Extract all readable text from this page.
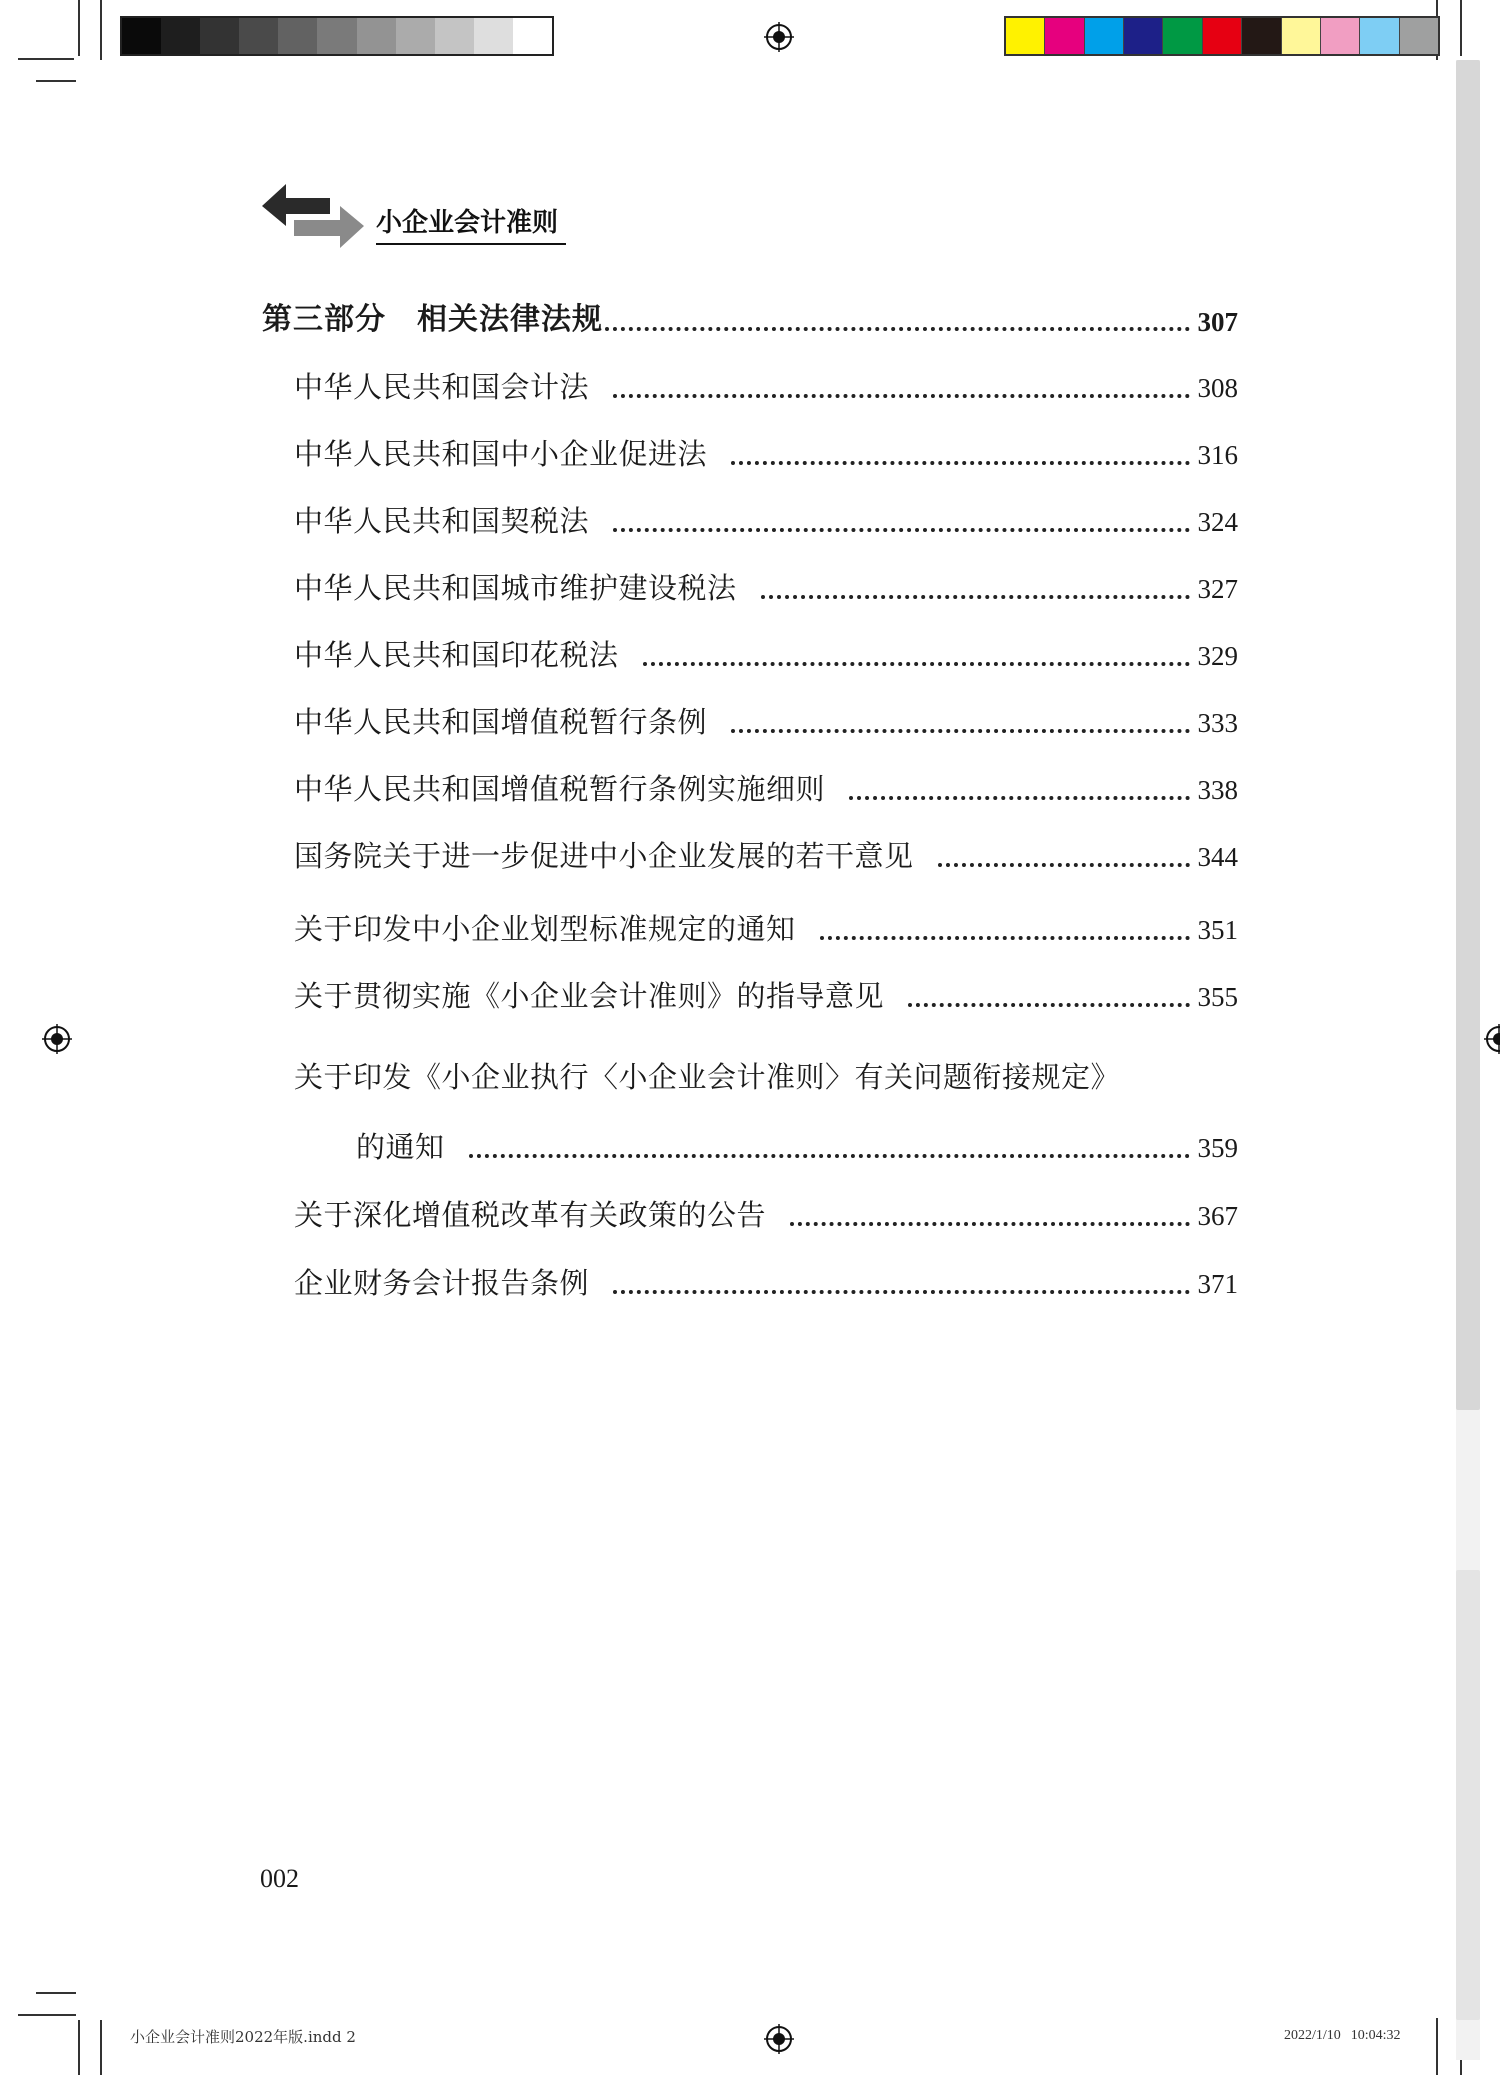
小企业会计准则
第三部分　相关法律法规	307
中华人民共和国会计法	308
中华人民共和国中小企业促进法	316
中华人民共和国契税法	324
中华人民共和国城市维护建设税法	327
中华人民共和国印花税法	329
中华人民共和国增值税暂行条例	333
中华人民共和国增值税暂行条例实施细则	338
国务院关于进一步促进中小企业发展的若干意见	344
关于印发中小企业划型标准规定的通知	351
关于贯彻实施《小企业会计准则》的指导意见	355
关于印发《小企业执行〈小企业会计准则〉有关问题衔接规定》
的通知	359
关于深化增值税改革有关政策的公告	367
企业财务会计报告条例	371
002
小企业会计准则2022年版.indd 2	2022/1/10 10:04:32
